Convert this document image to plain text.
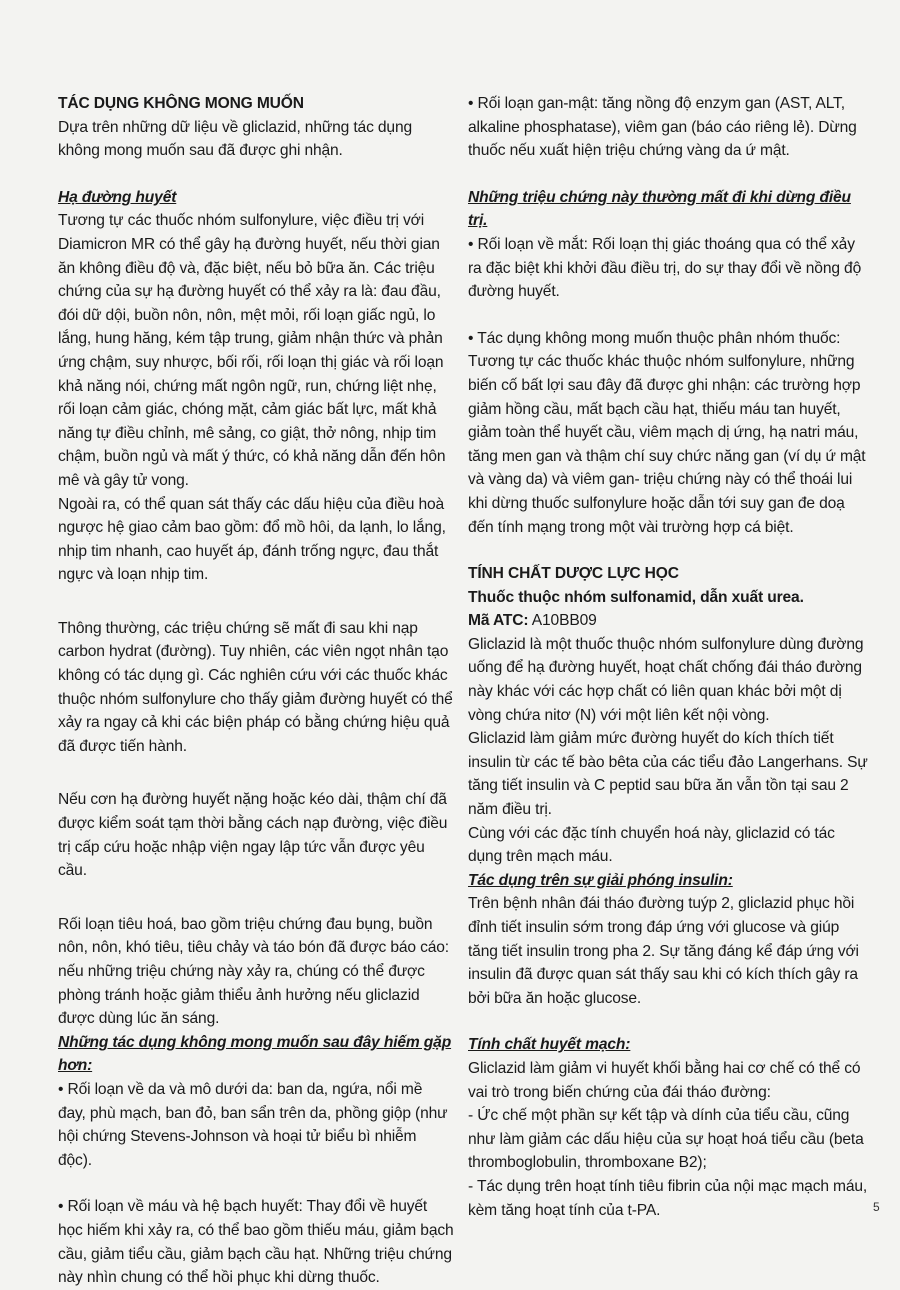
TÁC DỤNG KHÔNG MONG MUỐN

Dựa trên những dữ liệu về gliclazid, những tác dụng không mong muốn sau đã được ghi nhận.

Hạ đường huyết

Tương tự các thuốc nhóm sulfonylure, việc điều trị với Diamicron MR có thể gây hạ đường huyết, nếu thời gian ăn không điều độ và, đặc biệt, nếu bỏ bữa ăn. Các triệu chứng của sự hạ đường huyết có thể xảy ra là: đau đầu, đói dữ dội, buồn nôn, nôn, mệt mỏi, rối loạn giấc ngủ, lo lắng, hung hăng, kém tập trung, giảm nhận thức và phản ứng chậm, suy nhược, bối rối, rối loạn thị giác và rối loạn khả năng nói, chứng mất ngôn ngữ, run, chứng liệt nhẹ, rối loạn cảm giác, chóng mặt, cảm giác bất lực, mất khả năng tự điều chỉnh, mê sảng, co giật, thở nông, nhịp tim chậm, buồn ngủ và mất ý thức, có khả năng dẫn đến hôn mê và gây tử vong.

Ngoài ra, có thể quan sát thấy các dấu hiệu của điều hoà ngược hệ giao cảm bao gồm: đổ mồ hôi, da lạnh, lo lắng, nhịp tim nhanh, cao huyết áp, đánh trống ngực, đau thắt ngực và loạn nhịp tim.

Thông thường, các triệu chứng sẽ mất đi sau khi nạp carbon hydrat (đường). Tuy nhiên, các viên ngọt nhân tạo không có tác dụng gì. Các nghiên cứu với các thuốc khác thuộc nhóm sulfonylure cho thấy giảm đường huyết có thể xảy ra ngay cả khi các biện pháp có bằng chứng hiệu quả đã được tiến hành.

Nếu cơn hạ đường huyết nặng hoặc kéo dài, thậm chí đã được kiểm soát tạm thời bằng cách nạp đường, việc điều trị cấp cứu hoặc nhập viện ngay lập tức vẫn được yêu cầu.

Rối loạn tiêu hoá, bao gồm triệu chứng đau bụng, buồn nôn, nôn, khó tiêu, tiêu chảy và táo bón đã được báo cáo: nếu những triệu chứng này xảy ra, chúng có thể được phòng tránh hoặc giảm thiểu ảnh hưởng nếu gliclazid được dùng lúc ăn sáng.

Những tác dụng không mong muốn sau đây hiếm gặp hơn:

• Rối loạn về da và mô dưới da: ban da, ngứa, nổi mề đay, phù mạch, ban đỏ, ban sẩn trên da, phồng giộp (như hội chứng Stevens-Johnson và hoại tử biểu bì nhiễm độc).

• Rối loạn về máu và hệ bạch huyết: Thay đổi về huyết học hiếm khi xảy ra, có thể bao gồm thiếu máu, giảm bạch cầu, giảm tiểu cầu, giảm bạch cầu hạt. Những triệu chứng này nhìn chung có thể hồi phục khi dừng thuốc.

• Rối loạn gan-mật: tăng nồng độ enzym gan (AST, ALT, alkaline phosphatase), viêm gan (báo cáo riêng lẻ). Dừng thuốc nếu xuất hiện triệu chứng vàng da ứ mật.

Những triệu chứng này thường mất đi khi dừng điều trị.

• Rối loạn về mắt: Rối loạn thị giác thoáng qua có thể xảy ra đặc biệt khi khởi đầu điều trị, do sự thay đổi về nồng độ đường huyết.

• Tác dụng không mong muốn thuộc phân nhóm thuốc: Tương tự các thuốc khác thuộc nhóm sulfonylure, những biến cố bất lợi sau đây đã được ghi nhận: các trường hợp giảm hồng cầu, mất bạch cầu hạt, thiếu máu tan huyết, giảm toàn thể huyết cầu, viêm mạch dị ứng, hạ natri máu, tăng men gan và thậm chí suy chức năng gan (ví dụ ứ mật và vàng da) và viêm gan- triệu chứng này có thể thoái lui khi dừng thuốc sulfonylure hoặc dẫn tới suy gan đe doạ đến tính mạng trong một vài trường hợp cá biệt.

TÍNH CHẤT DƯỢC LỰC HỌC

Thuốc thuộc nhóm sulfonamid, dẫn xuất urea.

Mã ATC: A10BB09

Gliclazid là một thuốc thuộc nhóm sulfonylure dùng đường uống để hạ đường huyết, hoạt chất chống đái tháo đường này khác với các hợp chất có liên quan khác bởi một dị vòng chứa nitơ (N) với một liên kết nội vòng.

Gliclazid làm giảm mức đường huyết do kích thích tiết insulin từ các tế bào bêta của các tiểu đảo Langerhans. Sự tăng tiết insulin và C peptid sau bữa ăn vẫn tồn tại sau 2 năm điều trị.

Cùng với các đặc tính chuyển hoá này, gliclazid có tác dụng trên mạch máu.

Tác dụng trên sự giải phóng insulin:

Trên bệnh nhân đái tháo đường tuýp 2, gliclazid phục hồi đỉnh tiết insulin sớm trong đáp ứng với glucose và giúp tăng tiết insulin trong pha 2. Sự tăng đáng kể đáp ứng với insulin đã được quan sát thấy sau khi có kích thích gây ra bởi bữa ăn hoặc glucose.

Tính chất huyết mạch:

Gliclazid làm giảm vi huyết khối bằng hai cơ chế có thể có vai trò trong biến chứng của đái tháo đường:

- Ức chế một phần sự kết tập và dính của tiểu cầu, cũng như làm giảm các dấu hiệu của sự hoạt hoá tiểu cầu (beta thromboglobulin, thromboxane B2);

- Tác dụng trên hoạt tính tiêu fibrin của nội mạc mạch máu, kèm tăng hoạt tính của t-PA.	5
